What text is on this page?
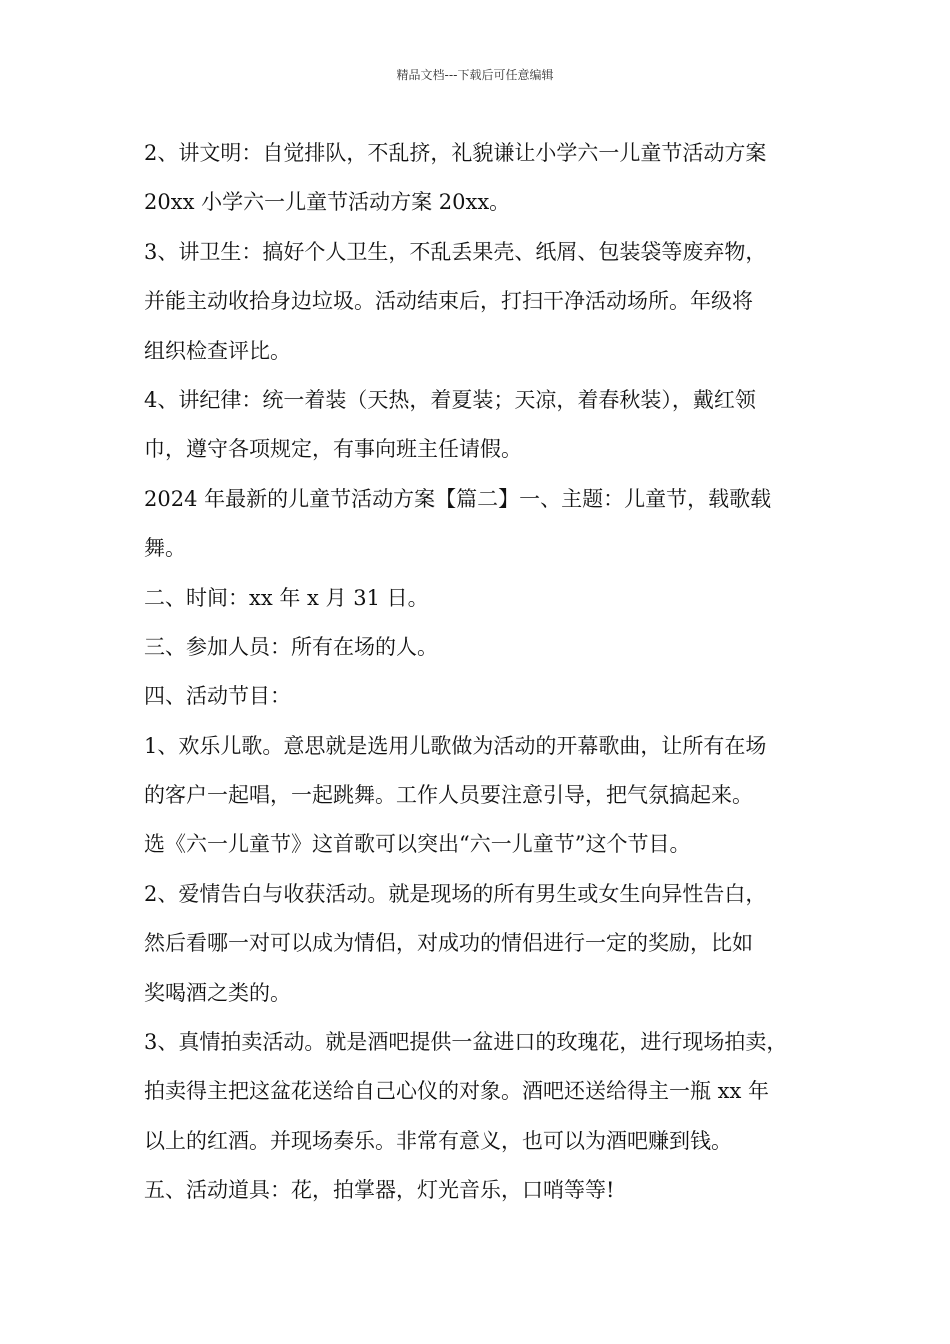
精品文档---下载后可任意编辑
2、讲文明：自觉排队，不乱挤，礼貌谦让小学六一儿童节活动方案
20xx 小学六一儿童节活动方案 20xx。
3、讲卫生：搞好个人卫生，不乱丢果壳、纸屑、包装袋等废弃物，
并能主动收拾身边垃圾。活动结束后，打扫干净活动场所。年级将
组织检查评比。
4、讲纪律：统一着装（天热，着夏装；天凉，着春秋装），戴红领
巾，遵守各项规定，有事向班主任请假。
2024 年最新的儿童节活动方案【篇二】一、主题：儿童节，载歌载
舞。
二、时间：xx 年 x 月 31 日。
三、参加人员：所有在场的人。
四、活动节目：
1、欢乐儿歌。意思就是选用儿歌做为活动的开幕歌曲，让所有在场
的客户一起唱，一起跳舞。工作人员要注意引导，把气氛搞起来。
选《六一儿童节》这首歌可以突出“六一儿童节”这个节目。
2、爱情告白与收获活动。就是现场的所有男生或女生向异性告白，
然后看哪一对可以成为情侣，对成功的情侣进行一定的奖励，比如
奖喝酒之类的。
3、真情拍卖活动。就是酒吧提供一盆进口的玫瑰花，进行现场拍卖，
拍卖得主把这盆花送给自己心仪的对象。酒吧还送给得主一瓶 xx 年
以上的红酒。并现场奏乐。非常有意义，也可以为酒吧赚到钱。
五、活动道具：花，拍掌器，灯光音乐，口哨等等!
